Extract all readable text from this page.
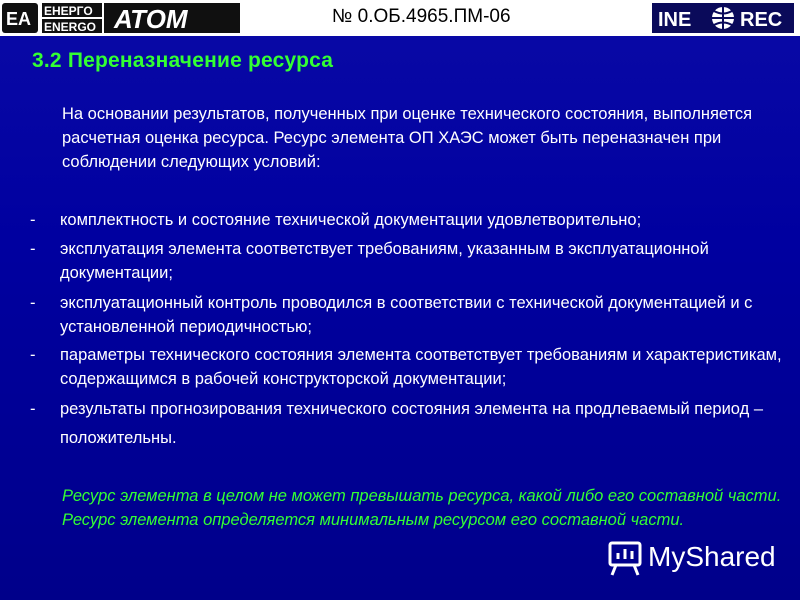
EA ЕНЕРГО
ENERGO АТОМ	№ 0.ОБ.4965.ПМ-06	INE REC
3.2 Переназначение ресурса

На основании результатов, полученных при оценке технического состояния, выполняется расчетная оценка ресурса. Ресурс элемента ОП ХАЭС может быть переназначен при соблюдении следующих условий:

- комплектность и состояние технической документации удовлетворительно;
- эксплуатация элемента соответствует требованиям, указанным в эксплуатационной документации;
- эксплуатационный контроль проводился в соответствии с технической документацией и с установленной периодичностью;
- параметры технического состояния элемента соответствует требованиям и характеристикам, содержащимся в рабочей конструкторской документации;
- результаты прогнозирования технического состояния элемента на продлеваемый период – положительны.

Ресурс элемента в целом не может превышать ресурса, какой либо его составной части. Ресурс элемента определяется минимальным ресурсом его составной части.

MyShared
